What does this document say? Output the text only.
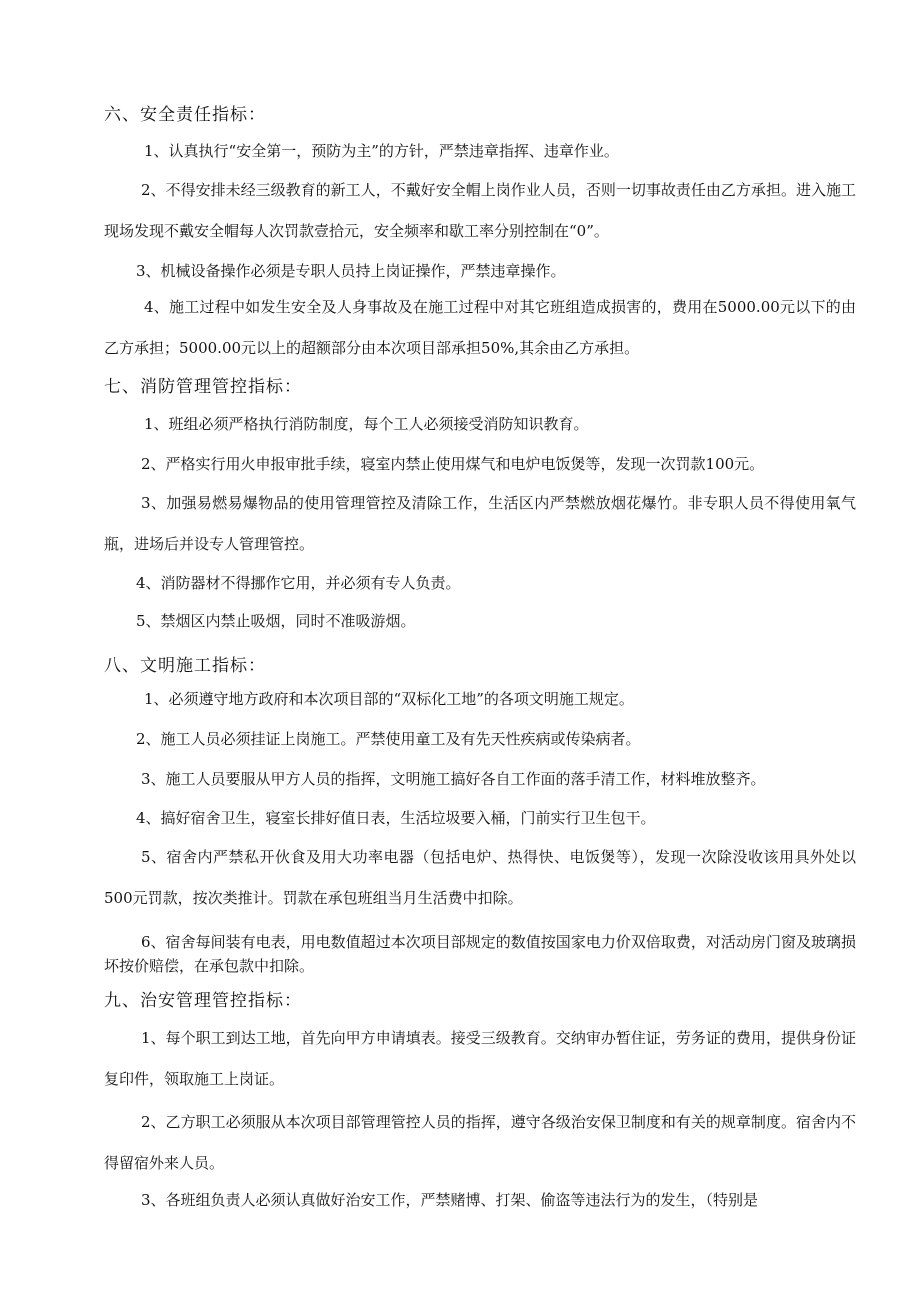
六、安全责任指标：
1、认真执行“安全第一，预防为主”的方针，严禁违章指挥、违章作业。
2、不得安排未经三级教育的新工人，不戴好安全帽上岗作业人员，否则一切事故责任由乙方承担。进入施工现场发现不戴安全帽每人次罚款壹拾元，安全频率和歇工率分别控制在“0”。
3、机械设备操作必须是专职人员持上岗证操作，严禁违章操作。
4、施工过程中如发生安全及人身事故及在施工过程中对其它班组造成损害的，费用在5000.00元以下的由乙方承担；5000.00元以上的超额部分由本次项目部承担50%,其余由乙方承担。
七、消防管理管控指标：
1、班组必须严格执行消防制度，每个工人必须接受消防知识教育。
2、严格实行用火申报审批手续，寝室内禁止使用煤气和电炉电饭煲等，发现一次罚款100元。
3、加强易燃易爆物品的使用管理管控及清除工作，生活区内严禁燃放烟花爆竹。非专职人员不得使用氧气瓶，进场后并设专人管理管控。
4、消防器材不得挪作它用，并必须有专人负责。
5、禁烟区内禁止吸烟，同时不准吸游烟。
八、文明施工指标：
1、必须遵守地方政府和本次项目部的“双标化工地”的各项文明施工规定。
2、施工人员必须挂证上岗施工。严禁使用童工及有先天性疾病或传染病者。
3、施工人员要服从甲方人员的指挥，文明施工搞好各自工作面的落手清工作，材料堆放整齐。
4、搞好宿舍卫生，寝室长排好值日表，生活垃圾要入桶，门前实行卫生包干。
5、宿舍内严禁私开伙食及用大功率电器（包括电炉、热得快、电饭煲等），发现一次除没收该用具外处以500元罚款，按次类推计。罚款在承包班组当月生活费中扣除。
6、宿舍每间装有电表，用电数值超过本次项目部规定的数值按国家电力价双倍取费，对活动房门窗及玻璃损坏按价赔偿，在承包款中扣除。
九、治安管理管控指标：
1、每个职工到达工地，首先向甲方申请填表。接受三级教育。交纳审办暂住证，劳务证的费用，提供身份证复印件，领取施工上岗证。
2、乙方职工必须服从本次项目部管理管控人员的指挥，遵守各级治安保卫制度和有关的规章制度。宿舍内不得留宿外来人员。
3、各班组负责人必须认真做好治安工作，严禁赌博、打架、偷盗等违法行为的发生，（特别是
